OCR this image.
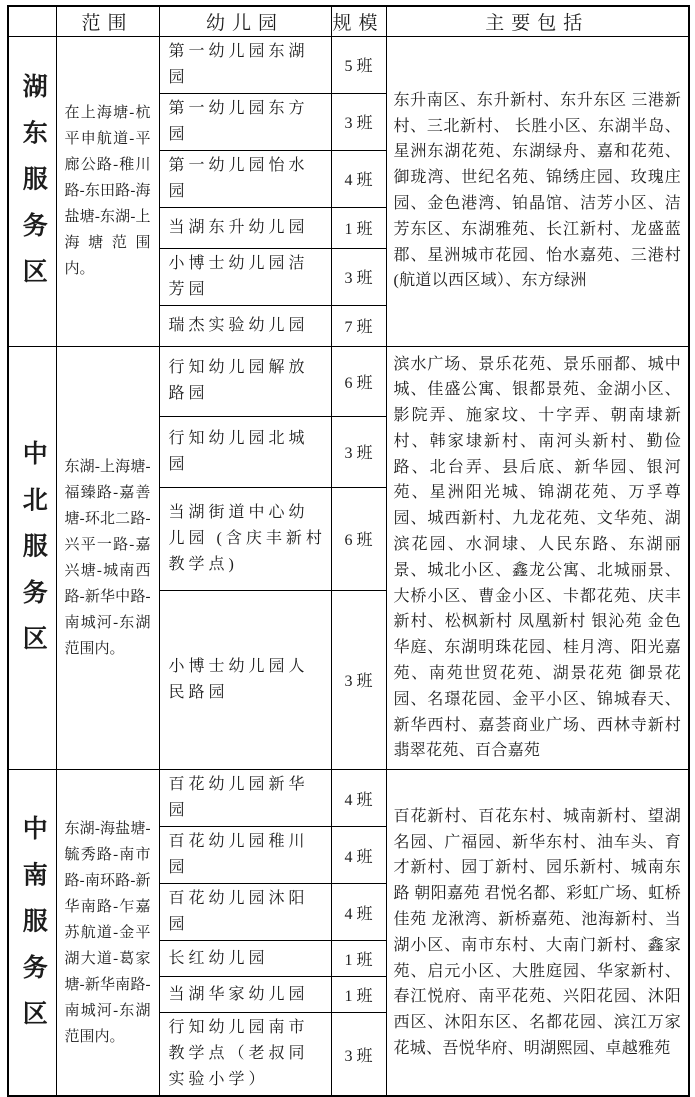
	范围	幼儿园	规模	主要包括
湖东服务区	在上海塘-杭平申航道-平廊公路-稚川路-东田路-海盐塘-东湖-上海塘范围内。	第一幼儿园东湖园	5 班	东升南区、东升新村、东升东区 三港新村、三北新村、 长胜小区、东湖半岛、星洲东湖花苑、东湖绿舟、嘉和花苑、御珑湾、世纪名苑、锦绣庄园、玫瑰庄园、金色港湾、铂晶馆、洁芳小区、洁芳东区、东湖雅苑、长江新村、龙盛蓝郡、星洲城市花园、怡水嘉苑、三港村(航道以西区域）、东方绿洲
		第一幼儿园东方园	3 班	
		第一幼儿园怡水园	4 班	
		当湖东升幼儿园	1 班	
		小博士幼儿园洁芳园	3 班	
		瑞杰实验幼儿园	7 班	
中北服务区	东湖-上海塘-福臻路-嘉善塘-环北二路-兴平一路-嘉兴塘-城南西路-新华中路-南城河-东湖范围内。	行知幼儿园解放路园	6 班	滨水广场、景乐花苑、景乐丽都、城中城、佳盛公寓、银都景苑、金湖小区、影院弄、施家坟、十字弄、朝南埭新村、韩家埭新村、南河头新村、勤俭路、北台弄、县后底、新华园、银河苑、星洲阳光城、锦湖花苑、万孚尊园、城西新村、九龙花苑、文华苑、湖滨花园、水洞埭、人民东路、东湖丽景、城北小区、鑫龙公寓、北城丽景、大桥小区、曹金小区、卡都花苑、庆丰新村、松枫新村 凤凰新村 银沁苑 金色华庭、东湖明珠花园、桂月湾、阳光嘉苑、南苑世贸花苑、湖景花苑 御景花园、名璟花园、金平小区、锦城春天、新华西村、嘉荟商业广场、西林寺新村 翡翠花苑、百合嘉苑
		行知幼儿园北城园	3 班	
		当湖街道中心幼儿园 (含庆丰新村教学点)	6 班	
		小博士幼儿园人民路园	3 班	
中南服务区	东湖-海盐塘-毓秀路-南市路-南环路-新华南路-乍嘉苏航道-金平湖大道-葛家塘-新华南路-南城河-东湖范围内。	百花幼儿园新华园	4 班	百花新村、百花东村、城南新村、望湖名园、广福园、新华东村、油车头、育才新村、园丁新村、园乐新村、城南东路 朝阳嘉苑 君悦名都、彩虹广场、虹桥佳苑 龙湫湾、新桥嘉苑、池海新村、当湖小区、南市东村、大南门新村、鑫家苑、启元小区、大胜庭园、华家新村、春江悦府、南平花苑、兴阳花园、沐阳西区、沐阳东区、名都花园、滨江万家花城、吾悦华府、明湖熙园、卓越雅苑
		百花幼儿园稚川园	4 班	
		百花幼儿园沐阳园	4 班	
		长红幼儿园	1 班	
		当湖华家幼儿园	1 班	
		行知幼儿园南市教学点（老叔同实验小学）	3 班	
